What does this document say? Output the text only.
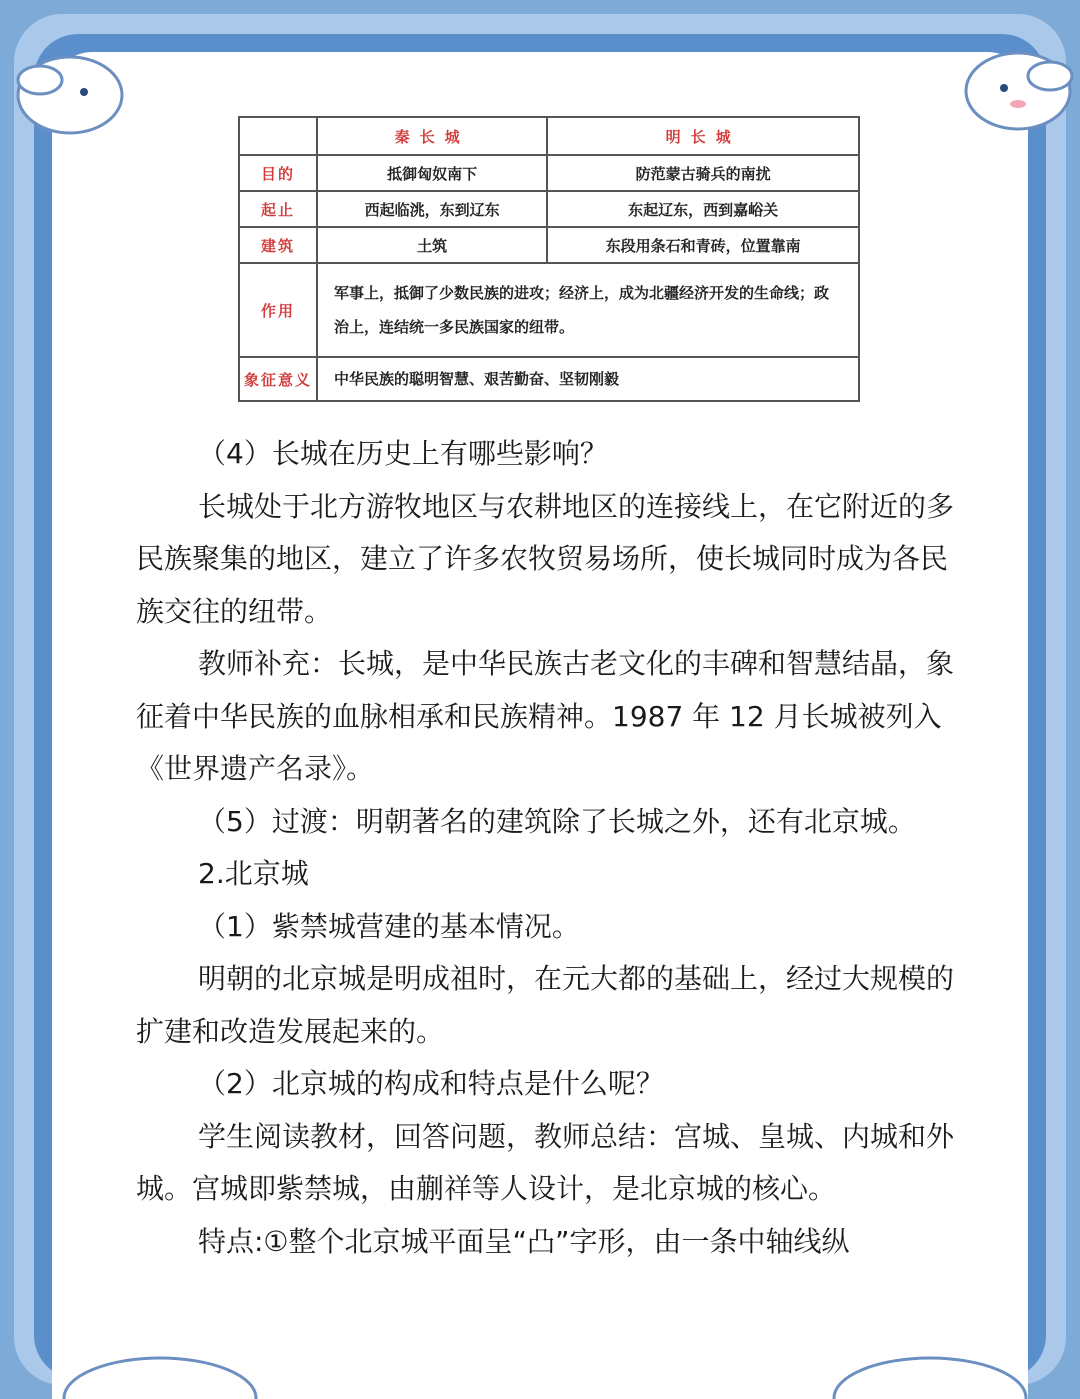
	秦长城	明长城
目的	抵御匈奴南下	防范蒙古骑兵的南扰
起止	西起临洮，东到辽东	东起辽东，西到嘉峪关
建筑	土筑	东段用条石和青砖，位置靠南
作用	军事上，抵御了少数民族的进攻；经济上，成为北疆经济开发的生命线；政治上，连结统一多民族国家的纽带。	
象征意义	中华民族的聪明智慧、艰苦勤奋、坚韧刚毅	

（4）长城在历史上有哪些影响？

长城处于北方游牧地区与农耕地区的连接线上，在它附近的多民族聚集的地区，建立了许多农牧贸易场所，使长城同时成为各民族交往的纽带。

教师补充：长城，是中华民族古老文化的丰碑和智慧结晶，象征着中华民族的血脉相承和民族精神。1987 年 12 月长城被列入《世界遗产名录》。

（5）过渡：明朝著名的建筑除了长城之外，还有北京城。

2.北京城

（1）紫禁城营建的基本情况。

明朝的北京城是明成祖时，在元大都的基础上，经过大规模的扩建和改造发展起来的。

（2）北京城的构成和特点是什么呢？

学生阅读教材，回答问题，教师总结：宫城、皇城、内城和外城。宫城即紫禁城，由蒯祥等人设计，是北京城的核心。

特点:①整个北京城平面呈“凸”字形，由一条中轴线纵
